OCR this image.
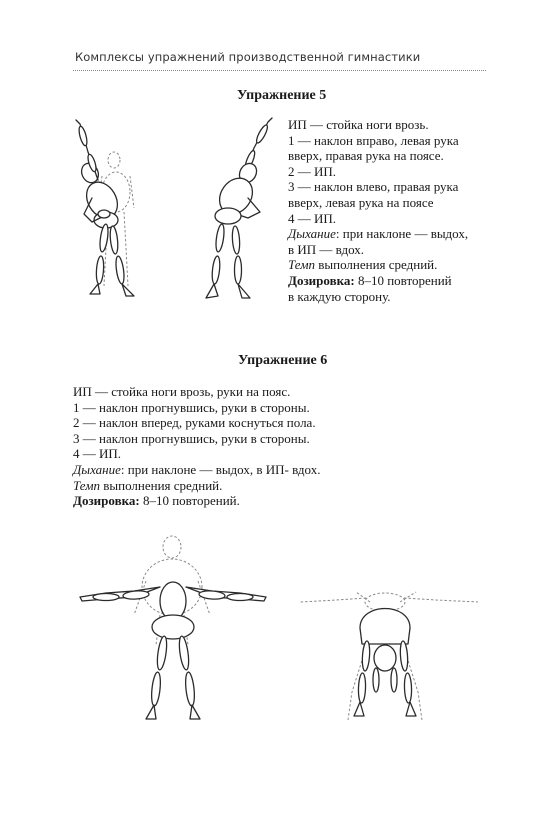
Комплексы упражнений производственной гимнастики
Упражнение 5
ИП — стойка ноги врозь.
1 — наклон вправо, левая рука
вверх, правая рука на поясе.
2 — ИП.
3 — наклон влево, правая рука
вверх, левая рука на поясе
4 — ИП.
Дыхание: при наклоне — выдох,
в ИП — вдох.
Темп выполнения средний.
Дозировка: 8–10 повторений
в каждую сторону.
Упражнение 6
ИП — стойка ноги врозь, руки на пояс.
1 — наклон прогнувшись, руки в стороны.
2 — наклон вперед, руками коснуться пола.
3 — наклон прогнувшись, руки в стороны.
4 — ИП.
Дыхание: при наклоне — выдох, в ИП- вдох.
Темп выполнения средний.
Дозировка: 8–10 повторений.
